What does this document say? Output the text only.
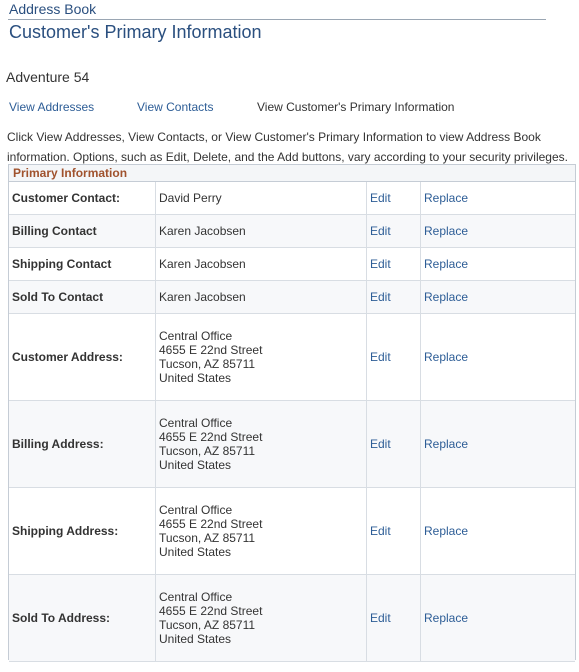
Address Book
Customer's Primary Information
Adventure 54
View Addresses	View Contacts	View Customer's Primary Information
Click View Addresses, View Contacts, or View Customer's Primary Information to view Address Book information. Options, such as Edit, Delete, and the Add buttons, vary according to your security privileges.
Primary Information
Customer Contact:	David Perry	Edit	Replace
Billing Contact	Karen Jacobsen	Edit	Replace
Shipping Contact	Karen Jacobsen	Edit	Replace
Sold To Contact	Karen Jacobsen	Edit	Replace
Customer Address:	Central Office
4655 E 22nd Street
Tucson, AZ 85711
United States	Edit	Replace
Billing Address:	Central Office
4655 E 22nd Street
Tucson, AZ 85711
United States	Edit	Replace
Shipping Address:	Central Office
4655 E 22nd Street
Tucson, AZ 85711
United States	Edit	Replace
Sold To Address:	Central Office
4655 E 22nd Street
Tucson, AZ 85711
United States	Edit	Replace
